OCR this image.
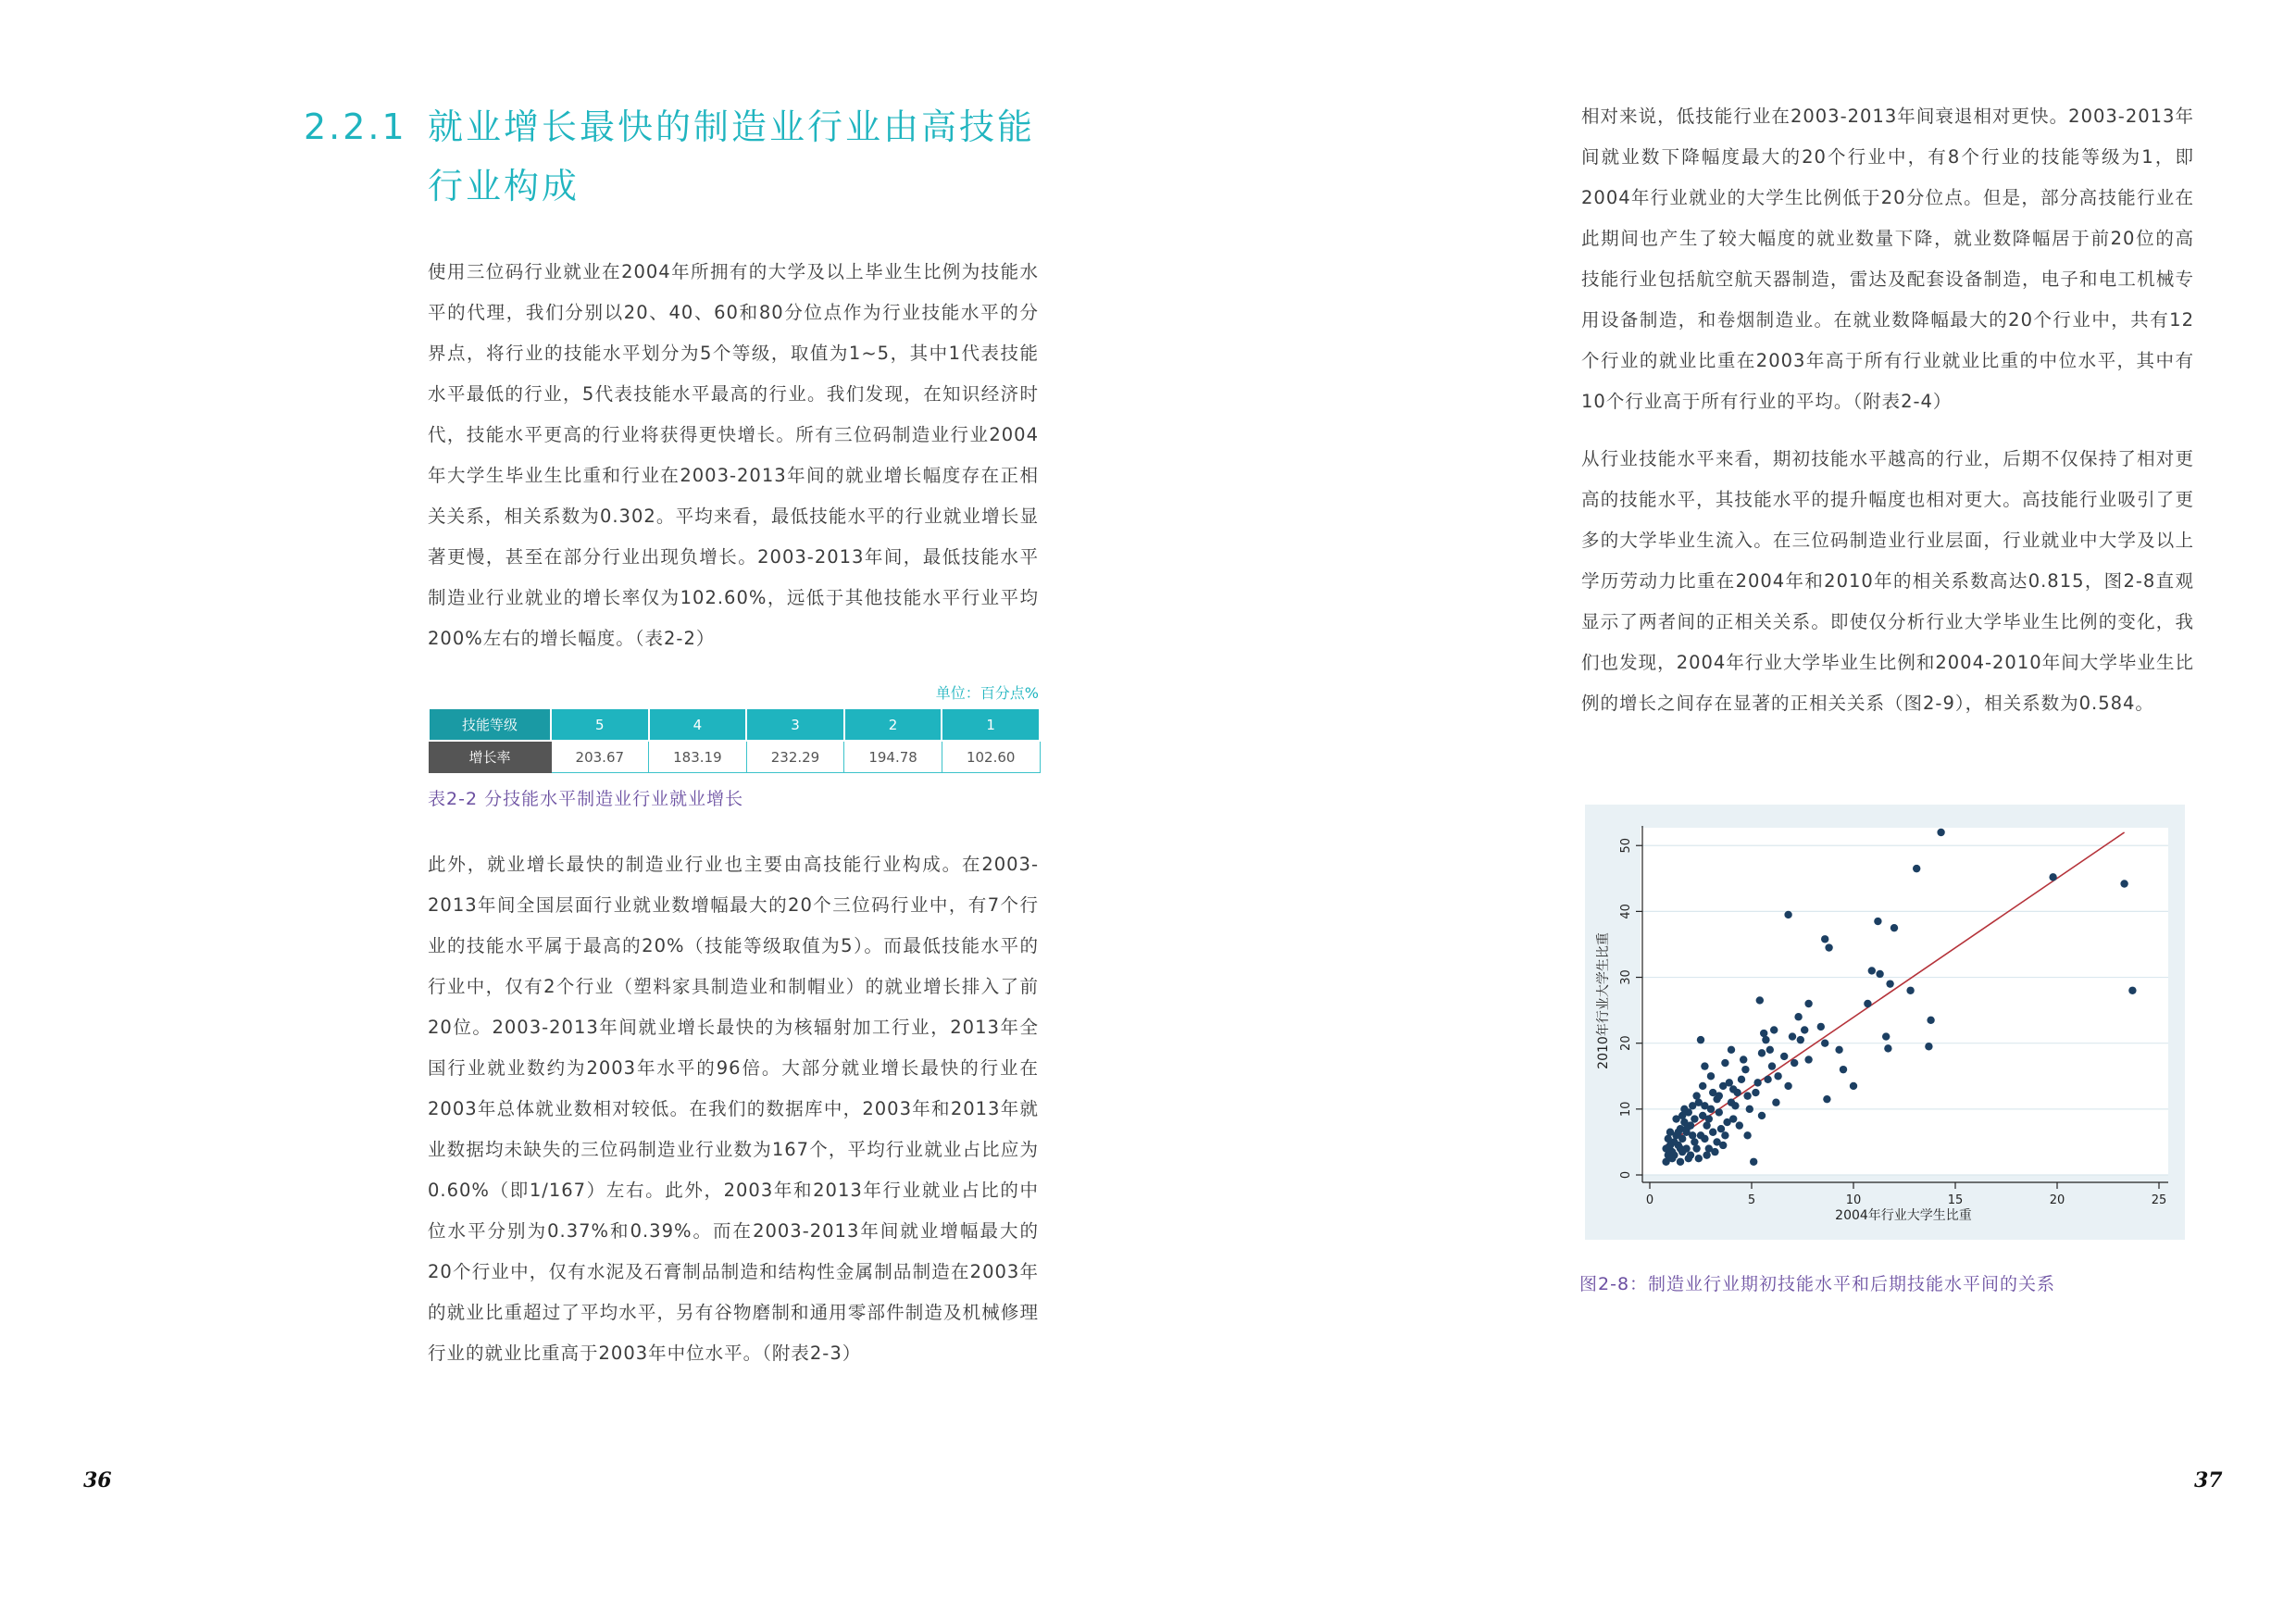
2.2.1 就业增长最快的制造业行业由高技能
行业构成

使用三位码行业就业在2004年所拥有的大学及以上毕业生比例为技能水平的代理，我们分别以20、40、60和80分位点作为行业技能水平的分界点，将行业的技能水平划分为5个等级，取值为1~5，其中1代表技能水平最低的行业，5代表技能水平最高的行业。我们发现，在知识经济时代，技能水平更高的行业将获得更快增长。所有三位码制造业行业2004年大学生毕业生比重和行业在2003-2013年间的就业增长幅度存在正相关关系，相关系数为0.302。平均来看，最低技能水平的行业就业增长显著更慢，甚至在部分行业出现负增长。2003-2013年间，最低技能水平制造业行业就业的增长率仅为102.60%，远低于其他技能水平行业平均200%左右的增长幅度。（表2-2）

单位：百分点%
技能等级	5	4	3	2	1
增长率	203.67	183.19	232.29	194.78	102.60
表2-2 分技能水平制造业行业就业增长

此外，就业增长最快的制造业行业也主要由高技能行业构成。在2003-2013年间全国层面行业就业数增幅最大的20个三位码行业中，有7个行业的技能水平属于最高的20%（技能等级取值为5）。而最低技能水平的行业中，仅有2个行业（塑料家具制造业和制帽业）的就业增长排入了前20位。2003-2013年间就业增长最快的为核辐射加工行业，2013年全国行业就业数约为2003年水平的96倍。大部分就业增长最快的行业在2003年总体就业数相对较低。在我们的数据库中，2003年和2013年就业数据均未缺失的三位码制造业行业数为167个，平均行业就业占比应为0.60%（即1/167）左右。此外，2003年和2013年行业就业占比的中位水平分别为0.37%和0.39%。而在2003-2013年间就业增幅最大的20个行业中，仅有水泥及石膏制品制造和结构性金属制品制造在2003年的就业比重超过了平均水平，另有谷物磨制和通用零部件制造及机械修理行业的就业比重高于2003年中位水平。（附表2-3）

36

相对来说，低技能行业在2003-2013年间衰退相对更快。2003-2013年间就业数下降幅度最大的20个行业中，有8个行业的技能等级为1，即2004年行业就业的大学生比例低于20分位点。但是，部分高技能行业在此期间也产生了较大幅度的就业数量下降，就业数降幅居于前20位的高技能行业包括航空航天器制造，雷达及配套设备制造，电子和电工机械专用设备制造，和卷烟制造业。在就业数降幅最大的20个行业中，共有12个行业的就业比重在2003年高于所有行业就业比重的中位水平，其中有10个行业高于所有行业的平均。（附表2-4）

从行业技能水平来看，期初技能水平越高的行业，后期不仅保持了相对更高的技能水平，其技能水平的提升幅度也相对更大。高技能行业吸引了更多的大学毕业生流入。在三位码制造业行业层面，行业就业中大学及以上学历劳动力比重在2004年和2010年的相关系数高达0.815，图2-8直观显示了两者间的正相关关系。即使仅分析行业大学毕业生比例的变化，我们也发现，2004年行业大学毕业生比例和2004-2010年间大学毕业生比例的增长之间存在显著的正相关关系（图2-9），相关系数为0.584。

0
10
20
30
40
50
0	5	10	15	20	25
2004年行业大学生比重
2010年行业大学生比重
图2-8：制造业行业期初技能水平和后期技能水平间的关系
37
